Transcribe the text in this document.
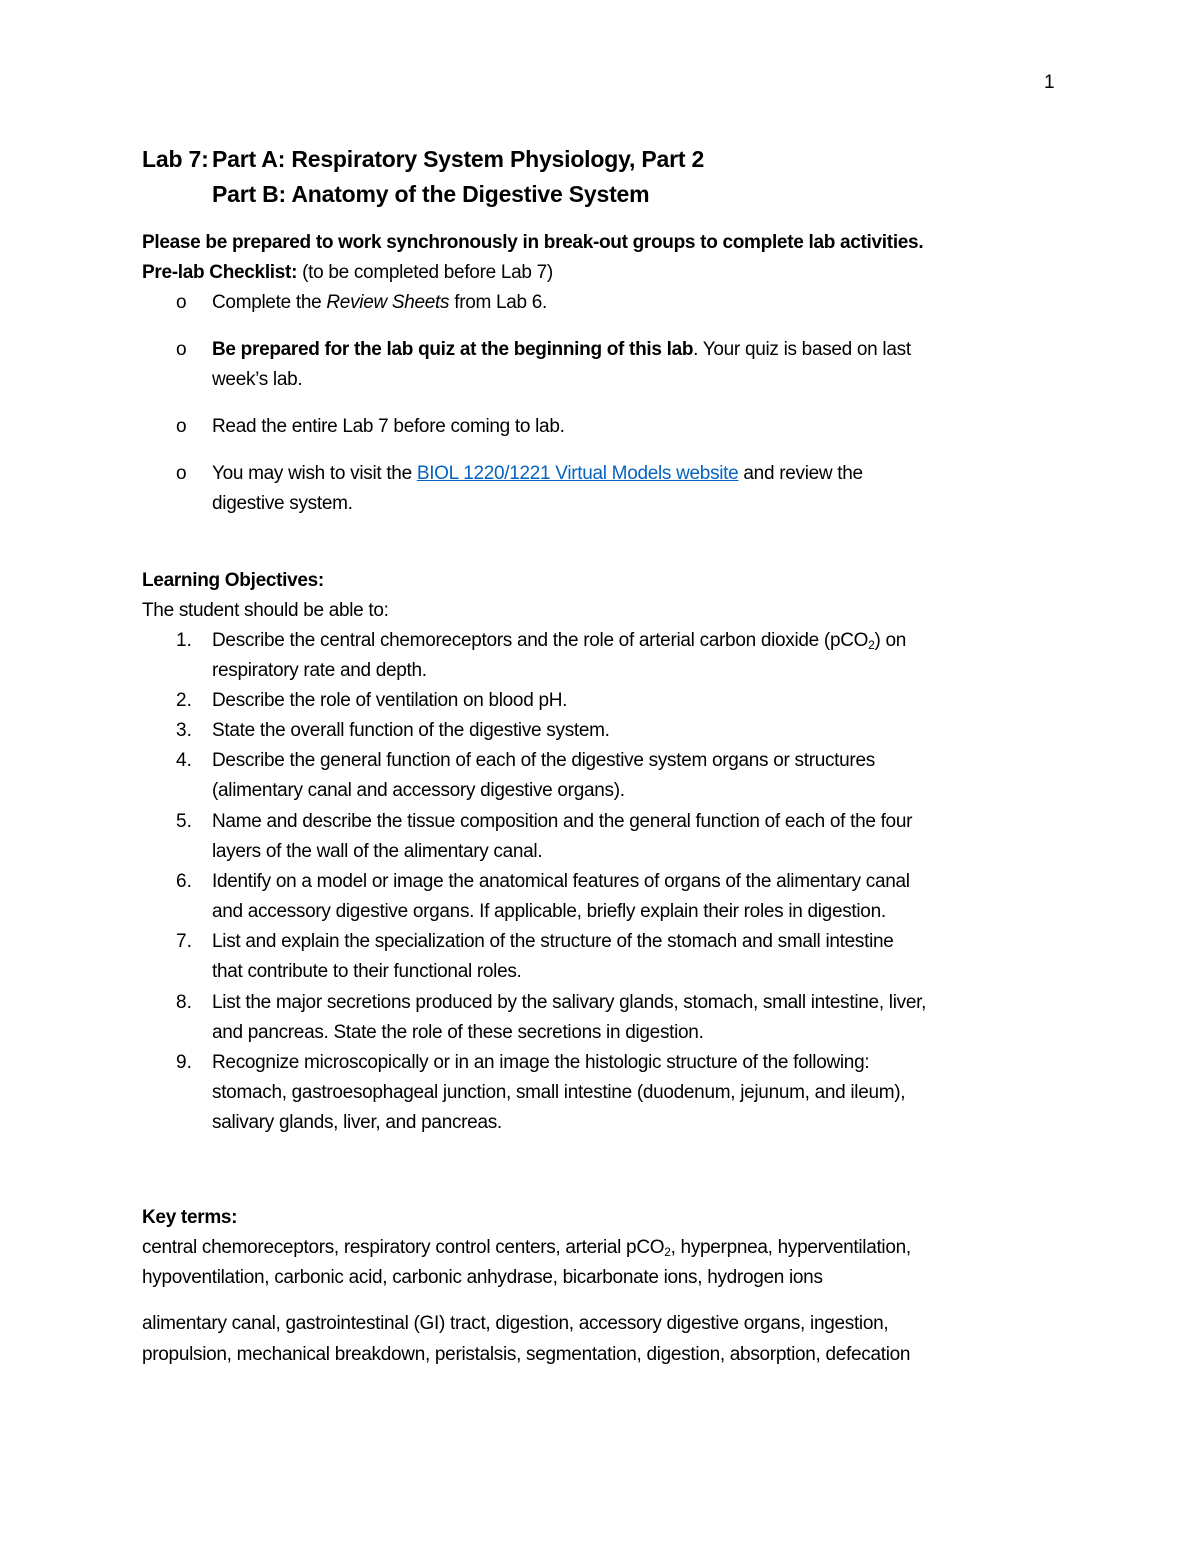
1
Lab 7: Part A: Respiratory System Physiology, Part 2
Part B: Anatomy of the Digestive System
Please be prepared to work synchronously in break-out groups to complete lab activities.
Pre-lab Checklist: (to be completed before Lab 7)
o Complete the Review Sheets from Lab 6.
o Be prepared for the lab quiz at the beginning of this lab. Your quiz is based on last
week’s lab.
o Read the entire Lab 7 before coming to lab.
o You may wish to visit the BIOL 1220/1221 Virtual Models website and review the
digestive system.
Learning Objectives:
The student should be able to:
1. Describe the central chemoreceptors and the role of arterial carbon dioxide (pCO$_2$) on
respiratory rate and depth.
2. Describe the role of ventilation on blood pH.
3. State the overall function of the digestive system.
4. Describe the general function of each of the digestive system organs or structures
(alimentary canal and accessory digestive organs).
5. Name and describe the tissue composition and the general function of each of the four
layers of the wall of the alimentary canal.
6. Identify on a model or image the anatomical features of organs of the alimentary canal
and accessory digestive organs. If applicable, briefly explain their roles in digestion.
7. List and explain the specialization of the structure of the stomach and small intestine
that contribute to their functional roles.
8. List the major secretions produced by the salivary glands, stomach, small intestine, liver,
and pancreas. State the role of these secretions in digestion.
9. Recognize microscopically or in an image the histologic structure of the following:
stomach, gastroesophageal junction, small intestine (duodenum, jejunum, and ileum),
salivary glands, liver, and pancreas.
Key terms:
central chemoreceptors, respiratory control centers, arterial pCO$_2$, hyperpnea, hyperventilation,
hypoventilation, carbonic acid, carbonic anhydrase, bicarbonate ions, hydrogen ions
alimentary canal, gastrointestinal (GI) tract, digestion, accessory digestive organs, ingestion,
propulsion, mechanical breakdown, peristalsis, segmentation, digestion, absorption, defecation
